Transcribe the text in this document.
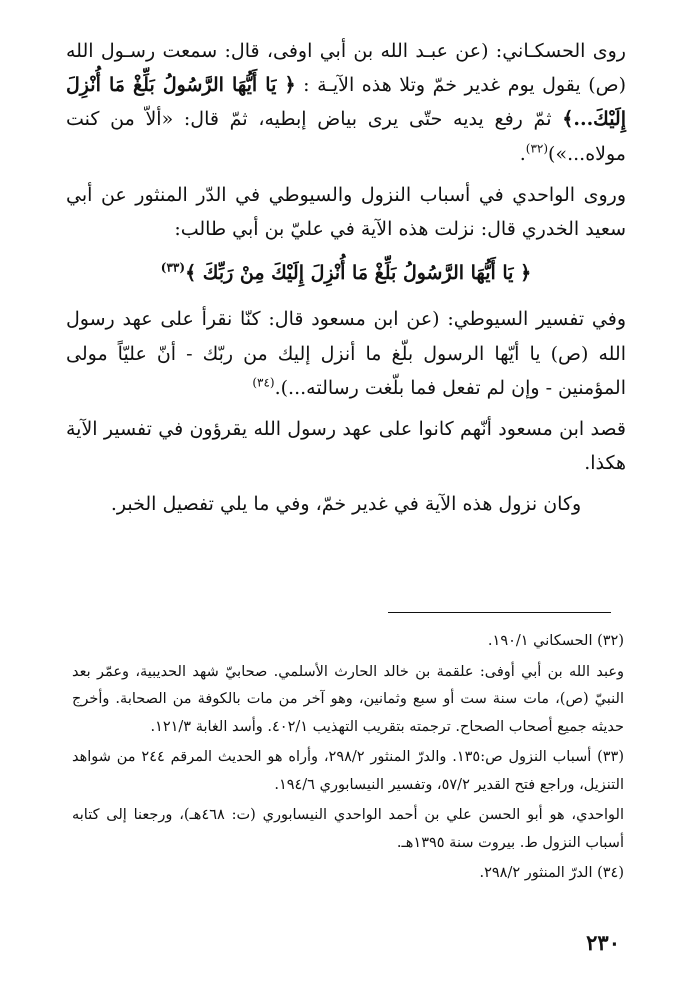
روى الحسكـاني: (عن عبـد الله بن أبي اوفى، قال: سمعت رسـول الله (ص) يقول يوم غدير خمّ وتلا هذه الآيـة : ﴿ يَا أَيُّهَا الرَّسُولُ بَلِّغْ مَا أُنْزِلَ إِلَيْكَ...﴾ ثمّ رفع يديه حتّى يرى بياض إبطيه، ثمّ قال: «ألاّ من كنت مولاه...»)$^{(٣٢)}$.

وروى الواحدي في أسباب النزول والسيوطي في الدّر المنثور عن أبي سعيد الخدري قال: نزلت هذه الآية في عليّ بن أبي طالب:

﴿ يَا أَيُّهَا الرَّسُولُ بَلِّغْ مَا أُنْزِلَ إِلَيْكَ مِنْ رَبِّكَ ﴾$^{(٣٣)}$

وفي تفسير السيوطي: (عن ابن مسعود قال: كنّا نقرأ على عهد رسول الله (ص) يا أيّها الرسول بلّغ ما أنزل إليك من ربّك - أنّ عليّاً مولى المؤمنين - وإن لم تفعل فما بلّغت رسالته...).$^{(٣٤)}$

قصد ابن مسعود أنّهم كانوا على عهد رسول الله يقرؤون في تفسير الآية هكذا.

وكان نزول هذه الآية في غدير خمّ، وفي ما يلي تفصيل الخبر.

(٣٢) الحسكاني ١٩٠/١.

وعبد الله بن أبي أوفى: علقمة بن خالد الحارث الأسلمي. صحابيّ شهد الحديبية، وعمّر بعد النبيّ (ص)، مات سنة ست أو سبع وثمانين، وهو آخر من مات بالكوفة من الصحابة. وأخرج حديثه جميع أصحاب الصحاح. ترجمته بتقريب التهذيب ٤٠٢/١. وأسد الغابة ١٢١/٣.

(٣٣) أسباب النزول ص:١٣٥. والدرّ المنثور ٢٩٨/٢، وأراه هو الحديث المرقم ٢٤٤ من شواهد التنزيل، وراجع فتح القدير ٥٧/٢، وتفسير النيسابوري ١٩٤/٦.

الواحدي، هو أبو الحسن علي بن أحمد الواحدي النيسابوري (ت: ٤٦٨هـ)، ورجعنا إلى كتابه أسباب النزول ط. بيروت سنة ١٣٩٥هـ.

(٣٤) الدرّ المنثور ٢٩٨/٢.

٢٣٠
